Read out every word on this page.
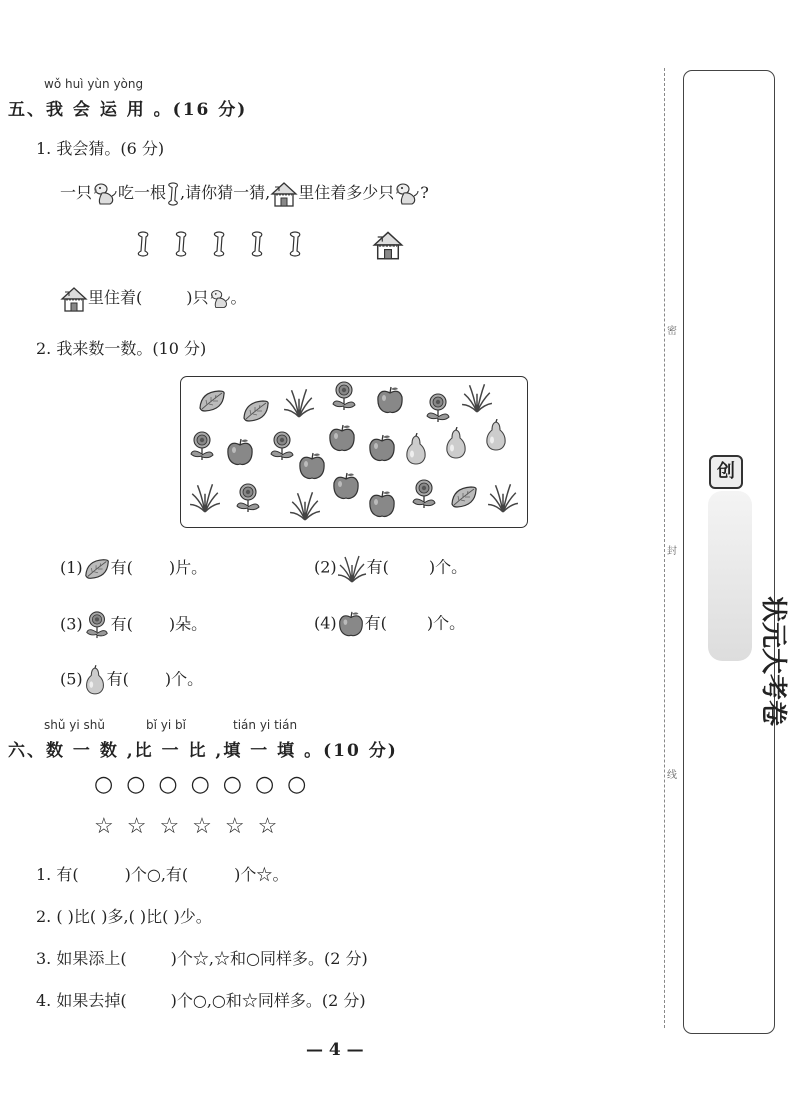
wǒ huì yùn yòng
五、我 会 运 用 。(16 分)
1. 我会猜。(6 分)
一只 吃一根 ,请你猜一猜, 里住着多少只 ?
里住着(	)只 。
2. 我来数一数。(10 分)
(1) 有( )片。	(2) 有(	)个。
(3) 有( )朵。	(4) 有(	)个。
(5) 有( )个。
shǔ yi shǔ	bǐ yi bǐ	tián yi tián
六、数 一 数 ,比 一 比 ,填 一 填 。(10 分)
○○○○○○○
☆☆☆☆☆☆
1. 有(	)个○,有(	)个☆。
2. ( )比( )多,( )比( )少。
3. 如果添上(	)个☆,☆和○同样多。(2 分)
4. 如果去掉(	)个○,○和☆同样多。(2 分)
— 4 —
密
封
线
创
状元大考卷
